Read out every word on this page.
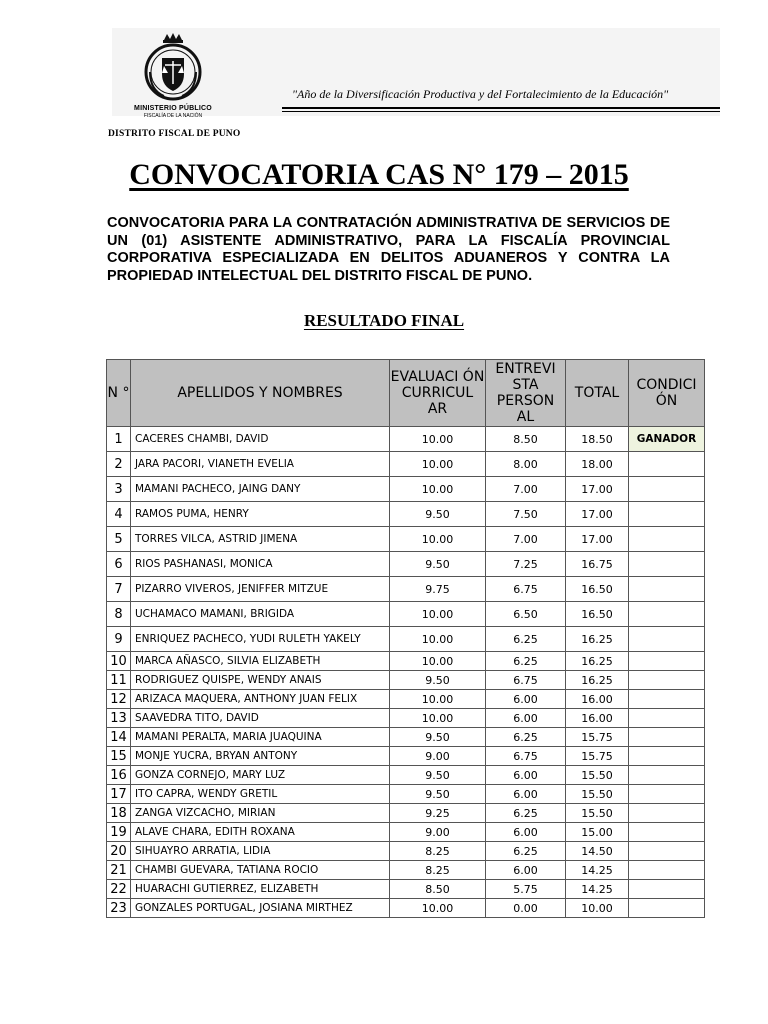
MINISTERIO PÚBLICO
FISCALÍA DE LA NACIÓN
DISTRITO FISCAL DE PUNO
"Año de la Diversificación Productiva y del Fortalecimiento de la Educación"
CONVOCATORIA CAS N° 179 – 2015
CONVOCATORIA PARA LA CONTRATACIÓN ADMINISTRATIVA DE SERVICIOS DE UN (01) ASISTENTE ADMINISTRATIVO, PARA LA FISCALÍA PROVINCIAL CORPORATIVA ESPECIALIZADA EN DELITOS ADUANEROS Y CONTRA LA PROPIEDAD INTELECTUAL DEL DISTRITO FISCAL DE PUNO.
RESULTADO FINAL
N °	APELLIDOS Y NOMBRES	EVALUACI ÓN CURRICUL AR	ENTREVI STA PERSON AL	TOTAL	CONDICI ÓN
1	CACERES CHAMBI, DAVID	10.00	8.50	18.50	GANADOR
2	JARA PACORI, VIANETH EVELIA	10.00	8.00	18.00	
3	MAMANI PACHECO, JAING DANY	10.00	7.00	17.00	
4	RAMOS PUMA, HENRY	9.50	7.50	17.00	
5	TORRES VILCA, ASTRID JIMENA	10.00	7.00	17.00	
6	RIOS PASHANASI, MONICA	9.50	7.25	16.75	
7	PIZARRO VIVEROS, JENIFFER MITZUE	9.75	6.75	16.50	
8	UCHAMACO MAMANI, BRIGIDA	10.00	6.50	16.50	
9	ENRIQUEZ PACHECO, YUDI RULETH YAKELY	10.00	6.25	16.25	
10	MARCA AÑASCO, SILVIA ELIZABETH	10.00	6.25	16.25	
11	RODRIGUEZ QUISPE, WENDY ANAIS	9.50	6.75	16.25	
12	ARIZACA MAQUERA, ANTHONY JUAN FELIX	10.00	6.00	16.00	
13	SAAVEDRA TITO, DAVID	10.00	6.00	16.00	
14	MAMANI PERALTA, MARIA JUAQUINA	9.50	6.25	15.75	
15	MONJE YUCRA, BRYAN ANTONY	9.00	6.75	15.75	
16	GONZA CORNEJO, MARY LUZ	9.50	6.00	15.50	
17	ITO CAPRA, WENDY GRETIL	9.50	6.00	15.50	
18	ZANGA VIZCACHO, MIRIAN	9.25	6.25	15.50	
19	ALAVE CHARA, EDITH ROXANA	9.00	6.00	15.00	
20	SIHUAYRO ARRATIA, LIDIA	8.25	6.25	14.50	
21	CHAMBI GUEVARA, TATIANA ROCIO	8.25	6.00	14.25	
22	HUARACHI GUTIERREZ, ELIZABETH	8.50	5.75	14.25	
23	GONZALES PORTUGAL, JOSIANA MIRTHEZ	10.00	0.00	10.00	
